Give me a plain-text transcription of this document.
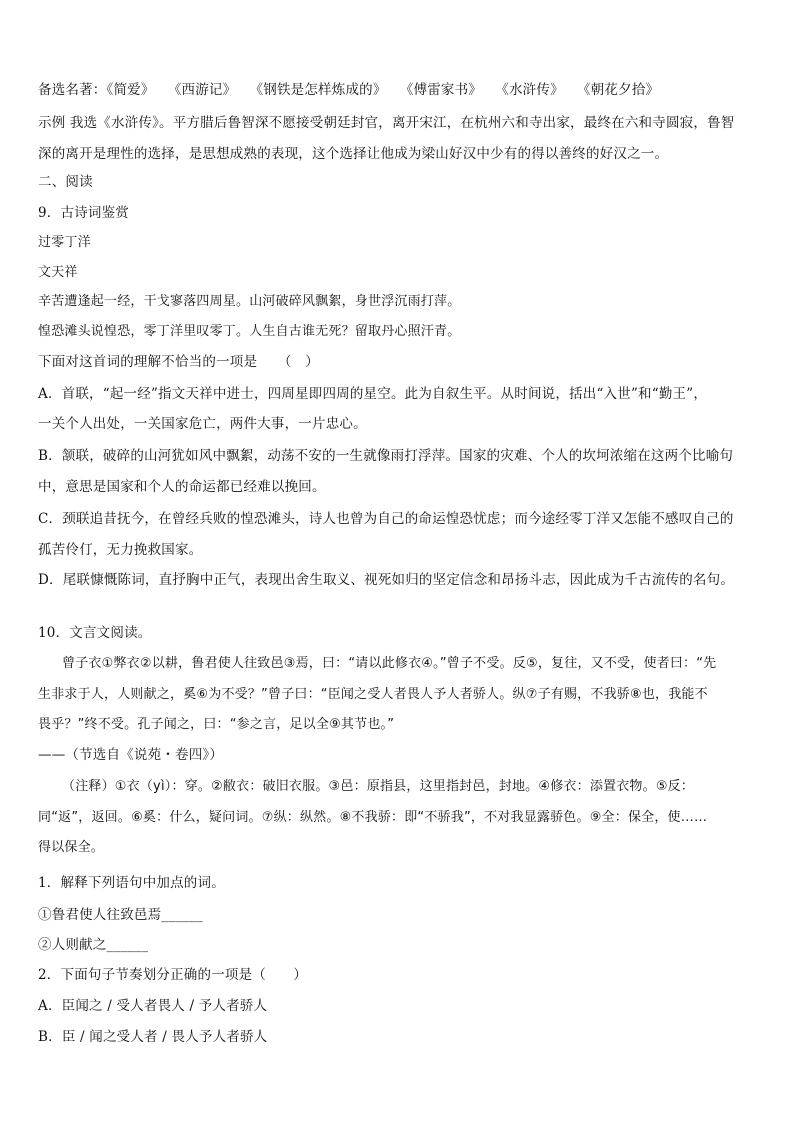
备选名著：《简爱》 《西游记》 《钢铁是怎样炼成的》 《傅雷家书》 《水浒传》 《朝花夕拾》
示例 我选《水浒传》。平方腊后鲁智深不愿接受朝廷封官，离开宋江，在杭州六和寺出家，最终在六和寺圆寂，鲁智
深的离开是理性的选择，是思想成熟的表现，这个选择让他成为梁山好汉中少有的得以善终的好汉之一。
二、阅读
9．古诗词鉴赏
过零丁洋
文天祥
辛苦遭逢起一经，干戈寥落四周星。山河破碎风飘絮，身世浮沉雨打萍。
惶恐滩头说惶恐，零丁洋里叹零丁。人生自古谁无死？留取丹心照汗青。
下面对这首词的理解不恰当的一项是　　（　）
A．首联，“起一经”指文天祥中进士，四周星即四周的星空。此为自叙生平。从时间说，括出“入世”和“勤王”，
一关个人出处，一关国家危亡，两件大事，一片忠心。
B．颔联，破碎的山河犹如风中飘絮，动荡不安的一生就像雨打浮萍。国家的灾难、个人的坎坷浓缩在这两个比喻句
中，意思是国家和个人的命运都已经难以挽回。
C．颈联追昔抚今，在曾经兵败的惶恐滩头，诗人也曾为自己的命运惶恐忧虑；而今途经零丁洋又怎能不感叹自己的
孤苦伶仃，无力挽救国家。
D．尾联慷慨陈词，直抒胸中正气，表现出舍生取义、视死如归的坚定信念和昂扬斗志，因此成为千古流传的名句。
10．文言文阅读。
曾子衣①弊衣②以耕，鲁君使人往致邑③焉，曰：“请以此修衣④。”曾子不受。反⑤，复往，又不受，使者曰：“先
生非求于人，人则献之，奚⑥为不受？”曾子曰：“臣闻之受人者畏人予人者骄人。纵⑦子有赐，不我骄⑧也，我能不
畏乎？”终不受。孔子闻之，曰：“参之言，足以全⑨其节也。”
——（节选自《说苑・卷四》）
（注释）①衣（yì）：穿。②敝衣：破旧衣服。③邑：原指县，这里指封邑，封地。④修衣：添置衣物。⑤反：
同“返”，返回。⑥奚：什么，疑问词。⑦纵：纵然。⑧不我骄：即“不骄我”，不对我显露骄色。⑨全：保全，使……
得以保全。
1．解释下列语句中加点的词。
①鲁君使人往致邑焉______
②人则献之______
2．下面句子节奏划分正确的一项是（　　）
A．臣闻之 / 受人者畏人 / 予人者骄人
B．臣 / 闻之受人者 / 畏人予人者骄人
